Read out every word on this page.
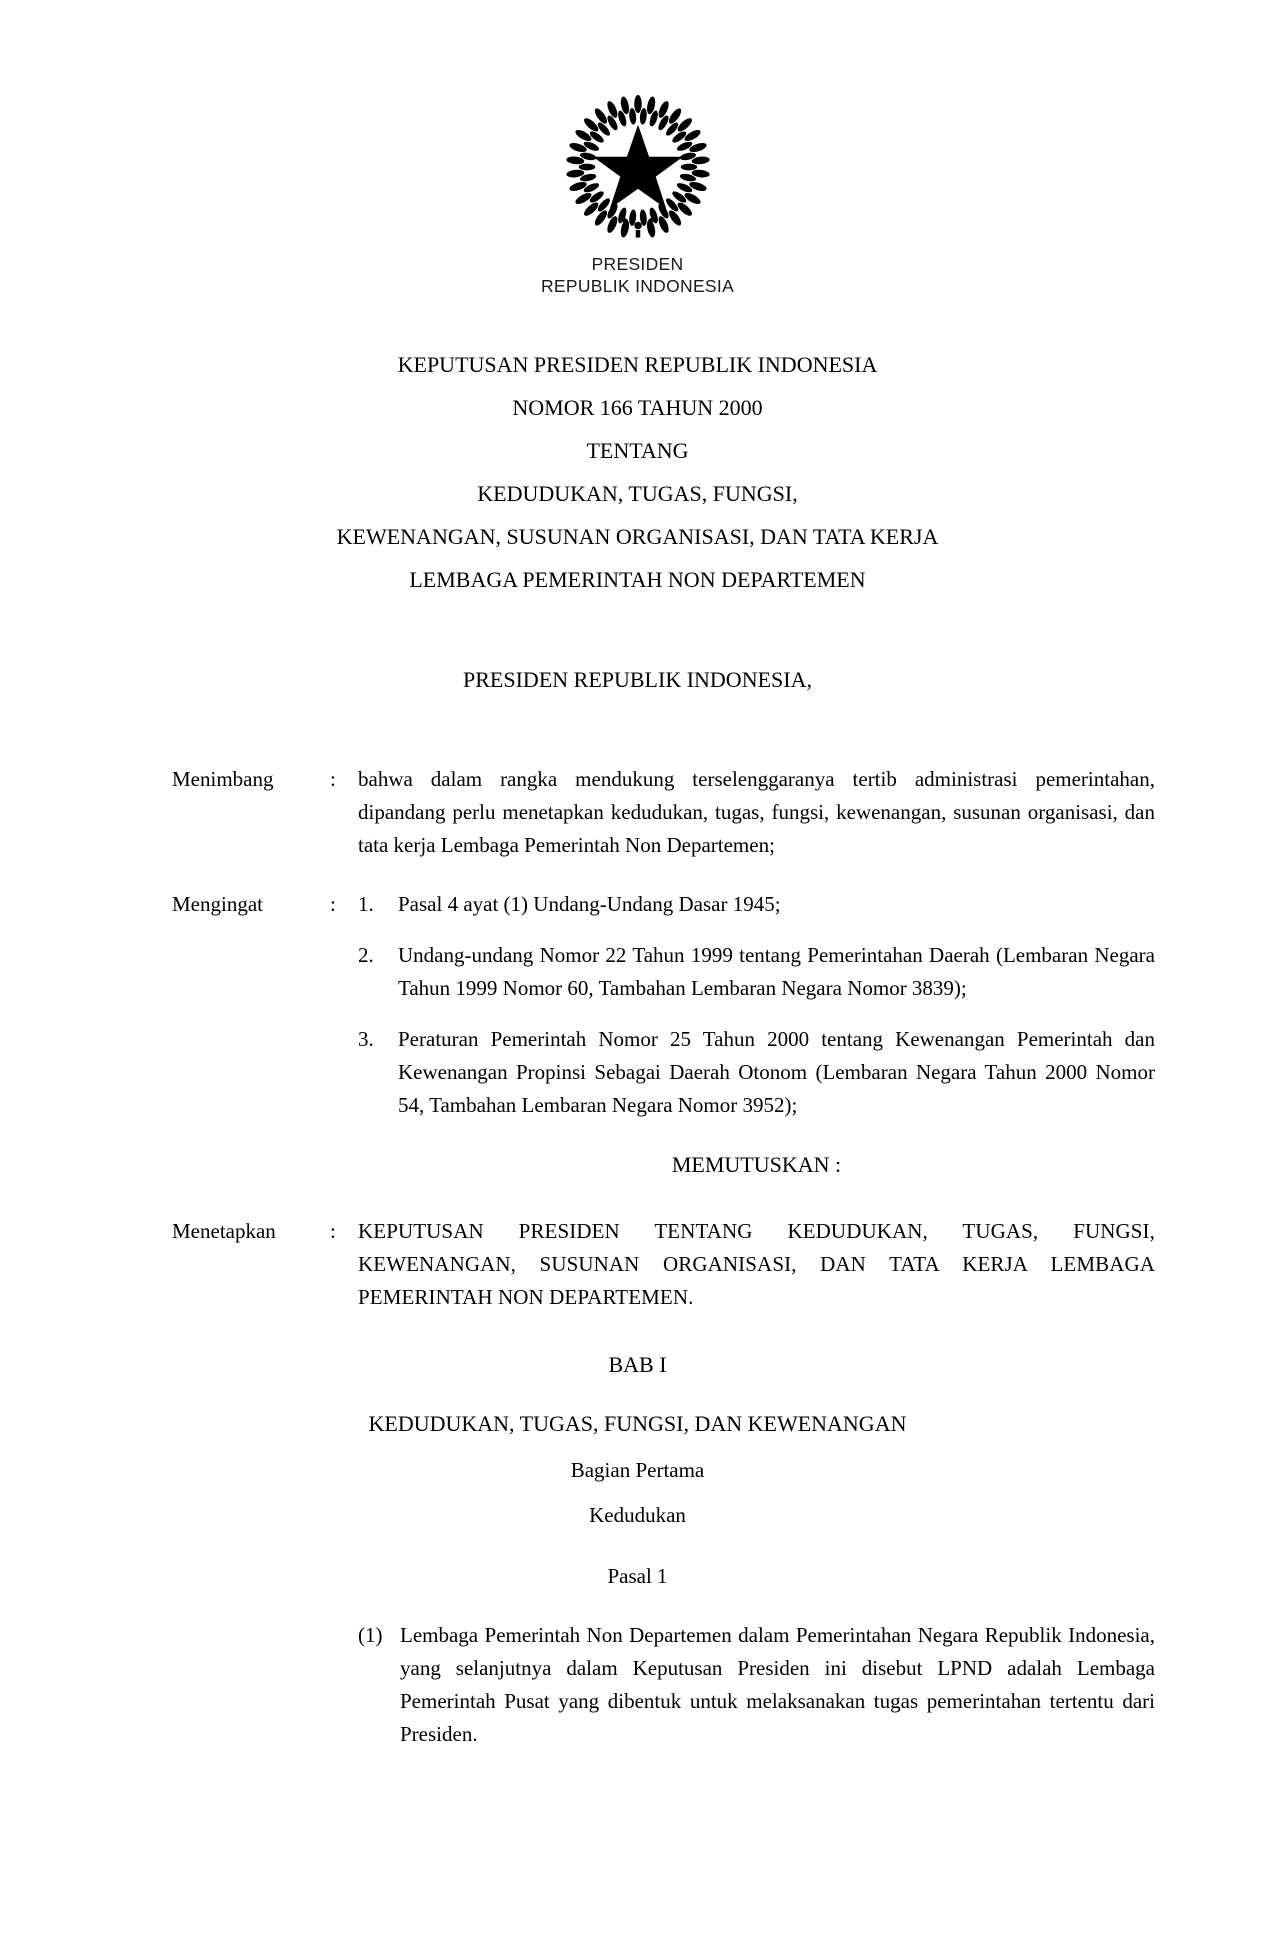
PRESIDEN
REPUBLIK INDONESIA
KEPUTUSAN PRESIDEN REPUBLIK INDONESIA
NOMOR 166 TAHUN 2000
TENTANG
KEDUDUKAN, TUGAS, FUNGSI,
KEWENANGAN, SUSUNAN ORGANISASI, DAN TATA KERJA
LEMBAGA PEMERINTAH NON DEPARTEMEN
PRESIDEN REPUBLIK INDONESIA,
Menimbang	:	bahwa dalam rangka mendukung terselenggaranya tertib administrasi pemerintahan, dipandang perlu menetapkan kedudukan, tugas, fungsi, kewenangan, susunan organisasi, dan tata kerja Lembaga Pemerintah Non Departemen;
Mengingat	:	1.	Pasal 4 ayat (1) Undang-Undang Dasar 1945;
2.	Undang-undang Nomor 22 Tahun 1999 tentang Pemerintahan Daerah (Lembaran Negara Tahun 1999 Nomor 60, Tambahan Lembaran Negara Nomor 3839);
3.	Peraturan Pemerintah Nomor 25 Tahun 2000 tentang Kewenangan Pemerintah dan Kewenangan Propinsi Sebagai Daerah Otonom (Lembaran Negara Tahun 2000 Nomor 54, Tambahan Lembaran Negara Nomor 3952);
MEMUTUSKAN :
Menetapkan	:	KEPUTUSAN PRESIDEN TENTANG KEDUDUKAN, TUGAS, FUNGSI, KEWENANGAN, SUSUNAN ORGANISASI, DAN TATA KERJA LEMBAGA PEMERINTAH NON DEPARTEMEN.
BAB I
KEDUDUKAN, TUGAS, FUNGSI, DAN KEWENANGAN
Bagian Pertama
Kedudukan
Pasal 1
(1) Lembaga Pemerintah Non Departemen dalam Pemerintahan Negara Republik Indonesia, yang selanjutnya dalam Keputusan Presiden ini disebut LPND adalah Lembaga Pemerintah Pusat yang dibentuk untuk melaksanakan tugas pemerintahan tertentu dari Presiden.
